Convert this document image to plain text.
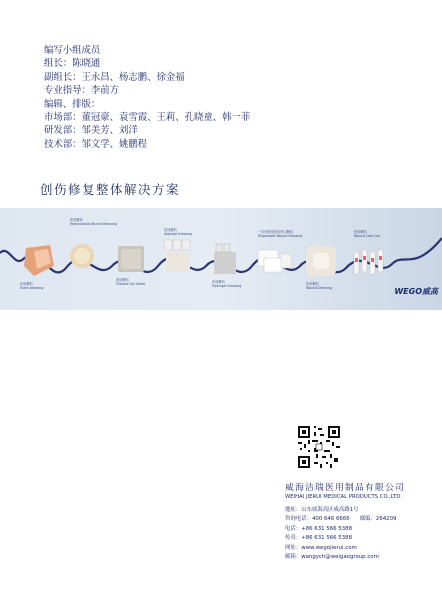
编写小组成员
组长：陈晓通
副组长：王永昌、杨志鹏、徐金福
专业指导：李前方
编辑、排版：
市场部：董冠豪、袁雪霞、王莉、孔晓童、韩一菲
研发部：邹美芳、刘洋
技术部：邹文学、姚鹏程
创伤修复整体解决方案
医用敷料
Foam dressing
医用敷料
Hydrocolloid Wound Dressing
医用敷料
Silicone Gel Sheet
医用敷料
Alginate Dressing
医用敷料
Hydrogel Dressing
一次性使用医用伤口敷料
Disposable Wound Dressing
医用敷料
Wound Dressing
医用敷料
Wound Care Gel
WEGO威高
威海洁瑞医用制品有限公司
WEIHAI JIERUI MEDICAL PRODUCTS CO.,LTD.
地址：山东威海高区威高路1号
咨询电话：400 646 6666 邮编：264209
电话：+86 631 566 5388
传真：+86 631 566 5388
网址：www.wegojierui.com
邮箱：wangych@weigaogroup.com
